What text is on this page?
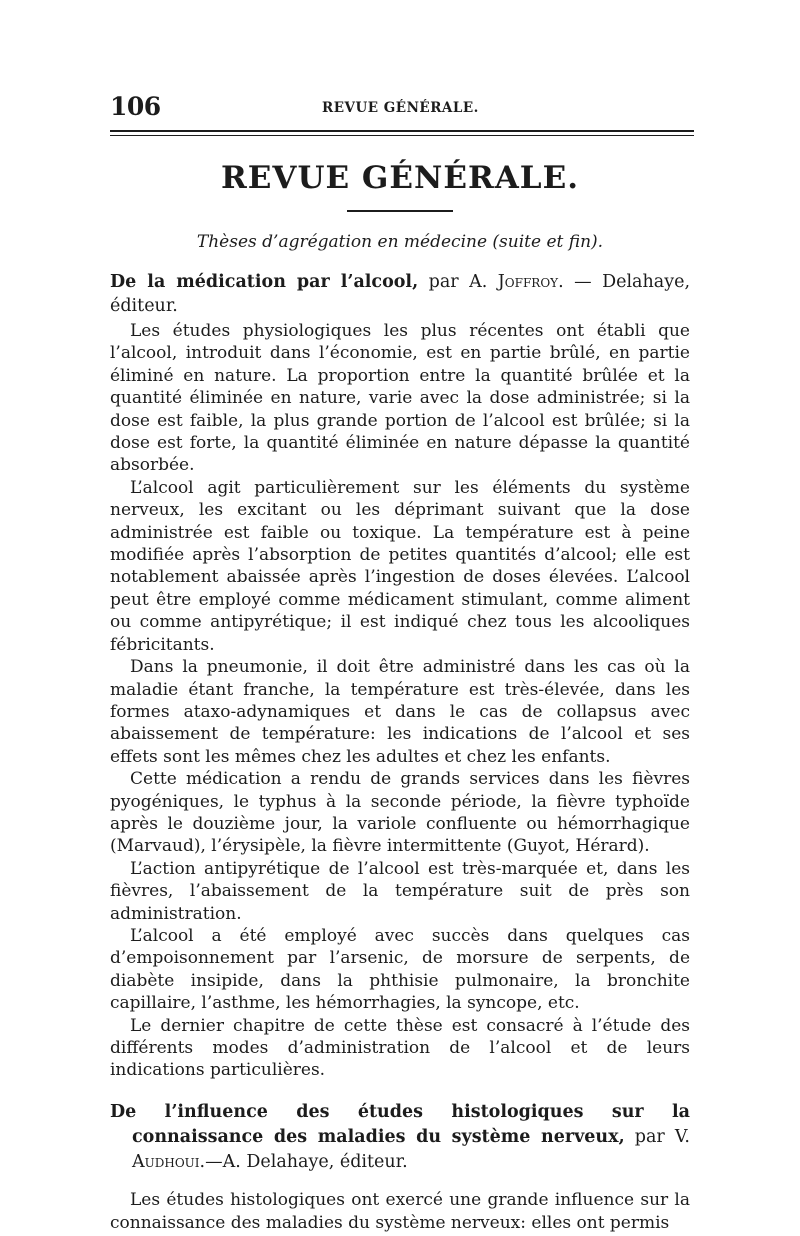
106	REVUE GÉNÉRALE.
REVUE GÉNÉRALE.
Thèses d’agrégation en médecine (suite et fin).
De la médication par l’alcool, par A. Joffroy. — Delahaye, éditeur.

Les études physiologiques les plus récentes ont établi que l’alcool, introduit dans l’économie, est en partie brûlé, en partie éliminé en nature. La proportion entre la quantité brûlée et la quantité éliminée en nature, varie avec la dose administrée; si la dose est faible, la plus grande portion de l’alcool est brûlée; si la dose est forte, la quantité éliminée en nature dépasse la quantité absorbée.

L’alcool agit particulièrement sur les éléments du système nerveux, les excitant ou les déprimant suivant que la dose administrée est faible ou toxique. La température est à peine modifiée après l’absorption de petites quantités d’alcool; elle est notablement abaissée après l’ingestion de doses élevées. L’alcool peut être employé comme médicament stimulant, comme aliment ou comme antipyrétique; il est indiqué chez tous les alcooliques fébricitants.

Dans la pneumonie, il doit être administré dans les cas où la maladie étant franche, la température est très-élevée, dans les formes ataxo-adynamiques et dans le cas de collapsus avec abaissement de température: les indications de l’alcool et ses effets sont les mêmes chez les adultes et chez les enfants.

Cette médication a rendu de grands services dans les fièvres pyogéniques, le typhus à la seconde période, la fièvre typhoïde après le douzième jour, la variole confluente ou hémorrhagique (Marvaud), l’érysipèle, la fièvre intermittente (Guyot, Hérard).

L’action antipyrétique de l’alcool est très-marquée et, dans les fièvres, l’abaissement de la température suit de près son administration.

L’alcool a été employé avec succès dans quelques cas d’empoisonnement par l’arsenic, de morsure de serpents, de diabète insipide, dans la phthisie pulmonaire, la bronchite capillaire, l’asthme, les hémorrhagies, la syncope, etc.

Le dernier chapitre de cette thèse est consacré à l’étude des différents modes d’administration de l’alcool et de leurs indications particulières.

De l’influence des études histologiques sur la connaissance des maladies du système nerveux, par V. Audhoui.—A. Delahaye, éditeur.

Les études histologiques ont exercé une grande influence sur la connaissance des maladies du système nerveux: elles ont permis
